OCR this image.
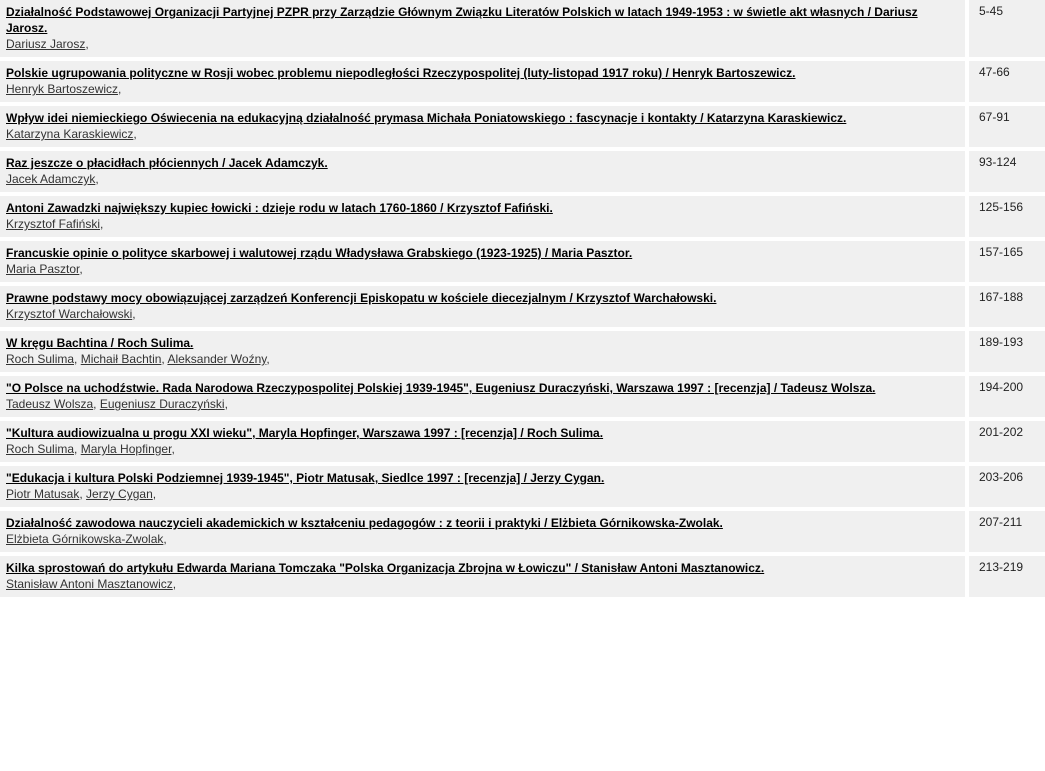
Działalność Podstawowej Organizacji Partyjnej PZPR przy Zarządzie Głównym Związku Literatów Polskich w latach 1949-1953 : w świetle akt własnych / Dariusz Jarosz.
Dariusz Jarosz,	5-45

Polskie ugrupowania polityczne w Rosji wobec problemu niepodległości Rzeczypospolitej (luty-listopad 1917 roku) / Henryk Bartoszewicz.
Henryk Bartoszewicz,	47-66

Wpływ idei niemieckiego Oświecenia na edukacyjną działalność prymasa Michała Poniatowskiego : fascynacje i kontakty / Katarzyna Karaskiewicz.
Katarzyna Karaskiewicz,	67-91

Raz jeszcze o płacidłach płóciennych / Jacek Adamczyk.
Jacek Adamczyk,	93-124

Antoni Zawadzki największy kupiec łowicki : dzieje rodu w latach 1760-1860 / Krzysztof Fafiński.
Krzysztof Fafiński,	125-156

Francuskie opinie o polityce skarbowej i walutowej rządu Władysława Grabskiego (1923-1925) / Maria Pasztor.
Maria Pasztor,	157-165

Prawne podstawy mocy obowiązującej zarządzeń Konferencji Episkopatu w kościele diecezjalnym / Krzysztof Warchałowski.
Krzysztof Warchałowski,	167-188

W kręgu Bachtina / Roch Sulima.
Roch Sulima, Michaił Bachtin, Aleksander Woźny,	189-193

"O Polsce na uchodźstwie. Rada Narodowa Rzeczypospolitej Polskiej 1939-1945", Eugeniusz Duraczyński, Warszawa 1997 : [recenzja] / Tadeusz Wolsza.
Tadeusz Wolsza, Eugeniusz Duraczyński,	194-200

"Kultura audiowizualna u progu XXI wieku", Maryla Hopfinger, Warszawa 1997 : [recenzja] / Roch Sulima.
Roch Sulima, Maryla Hopfinger,	201-202

"Edukacja i kultura Polski Podziemnej 1939-1945", Piotr Matusak, Siedlce 1997 : [recenzja] / Jerzy Cygan.
Piotr Matusak, Jerzy Cygan,	203-206

Działalność zawodowa nauczycieli akademickich w kształceniu pedagogów : z teorii i praktyki / Elżbieta Górnikowska-Zwolak.
Elżbieta Górnikowska-Zwolak,	207-211

Kilka sprostowań do artykułu Edwarda Mariana Tomczaka "Polska Organizacja Zbrojna w Łowiczu" / Stanisław Antoni Masztanowicz.
Stanisław Antoni Masztanowicz,	213-219
